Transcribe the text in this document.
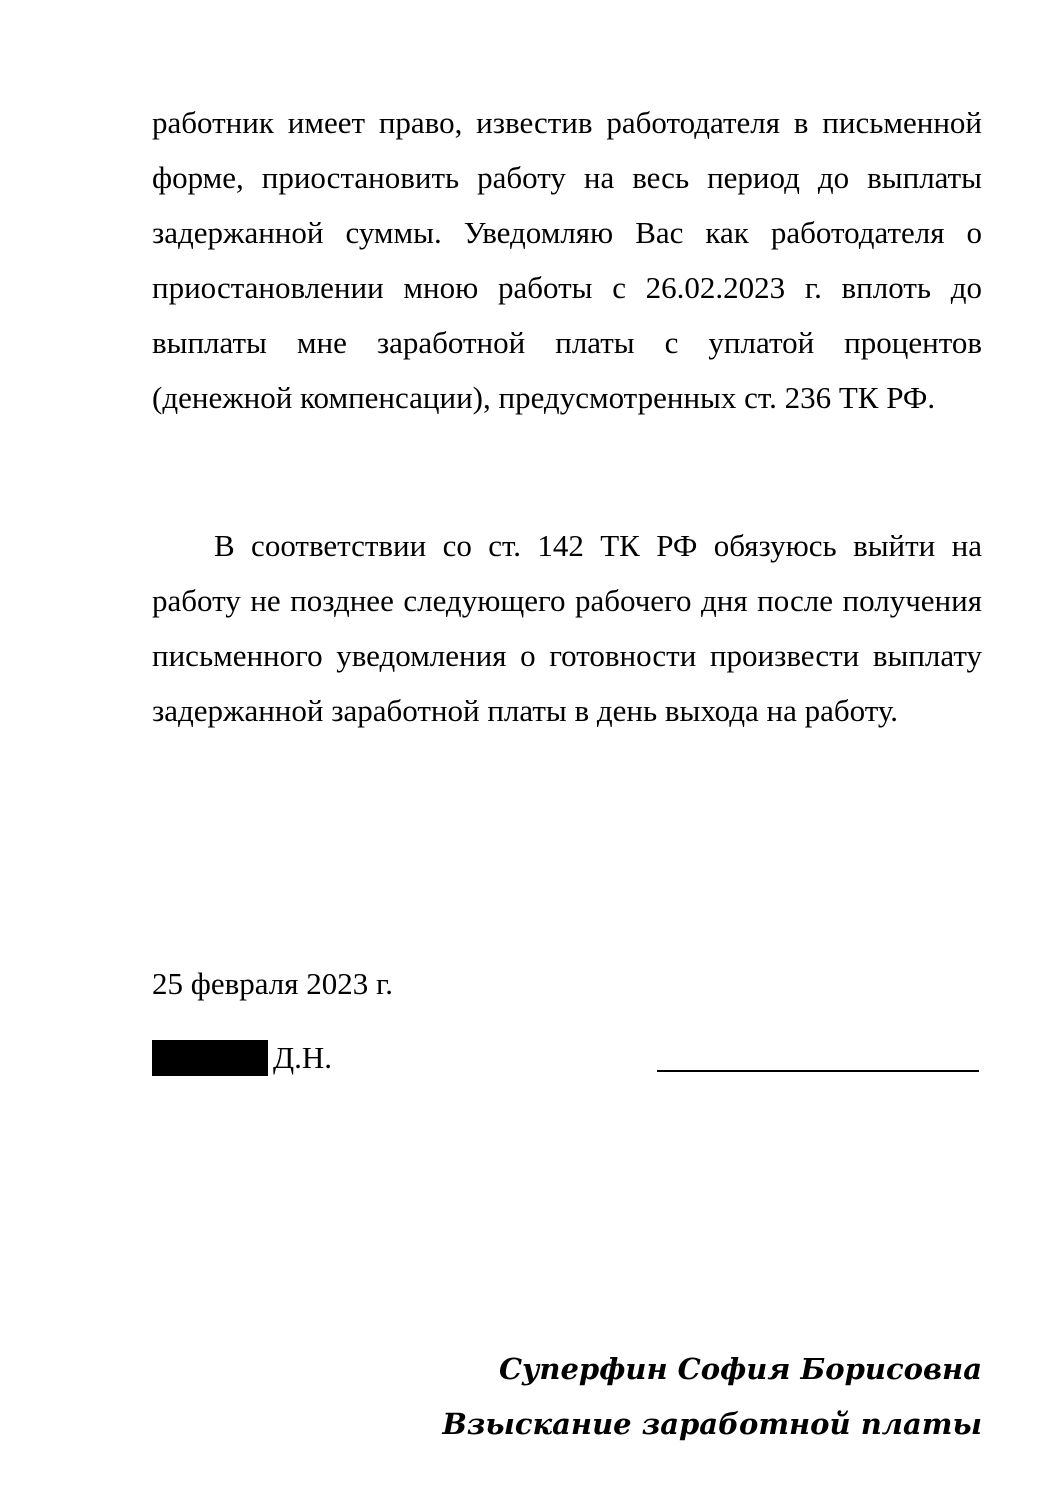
работник имеет право, известив работодателя в письменной форме, приостановить работу на весь период до выплаты задержанной суммы. Уведомляю Вас как работодателя о приостановлении мною работы с 26.02.2023 г. вплоть до выплаты мне заработной платы с уплатой процентов (денежной компенсации), предусмотренных ст. 236 ТК РФ.

В соответствии со ст. 142 ТК РФ обязуюсь выйти на работу не позднее следующего рабочего дня после получения письменного уведомления о готовности произвести выплату задержанной заработной платы в день выхода на работу.

25 февраля 2023 г.

Д.Н.
Суперфин София Борисовна
Взыскание заработной платы
